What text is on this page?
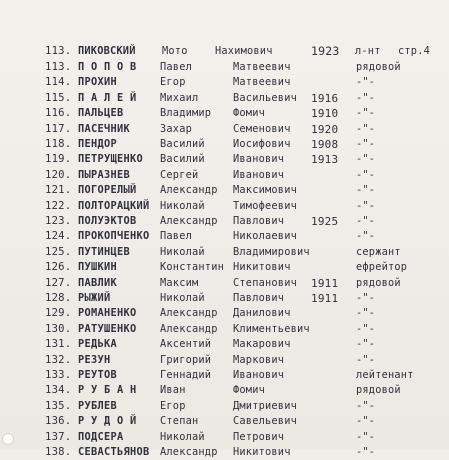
113. ПИКОВСКИЙ	Мото	Нахимович	1923 л-нт стр.4
113. П О П О В Павел	Матвеевич	рядовой
114. ПРОХИН	Егор	Матвеевич	-"-
115. П А Л Е Й Михаил	Васильевич 1916 -"-
116. ПАЛЬЦЕВ	Владимир Фомич	1910 -"-
117. ПАСЕЧНИК	Захар	Семенович 1920 -"-
118. ПЕНДОР	Василий	Иосифович 1908 -"-
119. ПЕТРУЩЕНКО Василий	Иванович 1913 -"-
120. ПЫРАЗНЕВ	Сергей	Иванович	-"-
121. ПОГОРЕЛЫЙ Александр Максимович	-"-
122. ПОЛТОРАЦКИЙ Николай	Тимофеевич	-"-
123. ПОЛУЭКТОВ Александр Павлович 1925 -"-
124. ПРОКОПЧЕНКО Павел	Николаевич	-"-
125. ПУТИНЦЕВ	Николай	Владимирович	сержант
126. ПУШКИН	Константин Никитович	ефрейтор
127. ПАВЛИК	Максим	Степанович 1911 рядовой
128. РЫЖИЙ	Николай	Павлович 1911 -"-
129. РОМАНЕНКО Александр Данилович	-"-
130. РАТУШЕНКО Александр Климентьевич	-"-
131. РЕДЬКА	Аксентий Макарович	-"-
132. РЕЗУН	Григорий Маркович	-"-
133. РЕУТОВ	Геннадий Иванович	лейтенант
134. Р У Б А Н Иван	Фомич	рядовой
135. РУБЛЕВ	Егор	Дмитриевич	-"-
136. Р У Д О Й Степан	Савельевич	-"-
137. ПОДСЕРА	Николай	Петрович	-"-
138. СЕВАСТЬЯНОВ Александр Никитович	-"-
